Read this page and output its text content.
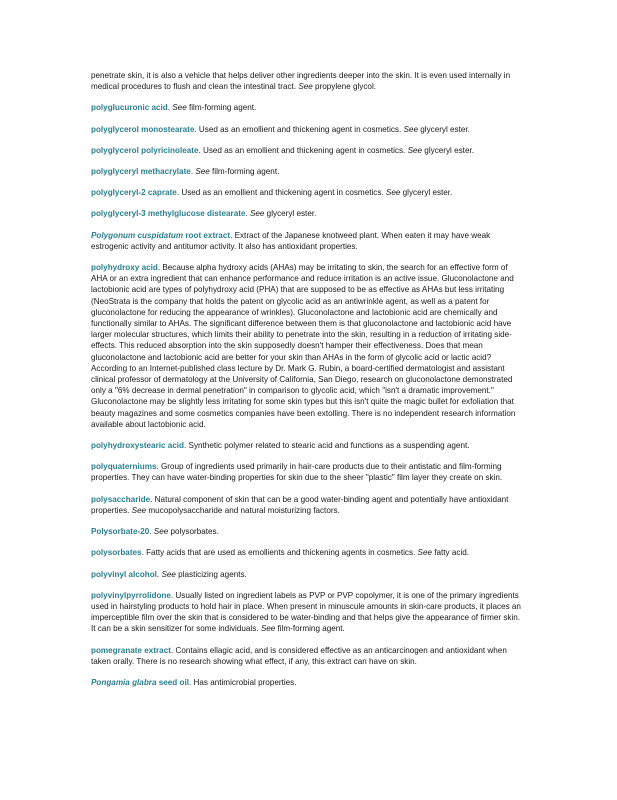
penetrate skin, it is also a vehicle that helps deliver other ingredients deeper into the skin. It is even used internally in medical procedures to flush and clean the intestinal tract. See propylene glycol.

polyglucuronic acid. See film-forming agent.

polyglycerol monostearate. Used as an emollient and thickening agent in cosmetics. See glyceryl ester.

polyglycerol polyricinoleate. Used as an emollient and thickening agent in cosmetics. See glyceryl ester.

polyglyceryl methacrylate. See film-forming agent.

polyglyceryl-2 caprate. Used as an emollient and thickening agent in cosmetics. See glyceryl ester.

polyglyceryl-3 methylglucose distearate. See glyceryl ester.

Polygonum cuspidatum root extract. Extract of the Japanese knotweed plant. When eaten it may have weak estrogenic activity and antitumor activity. It also has antioxidant properties.

polyhydroxy acid. Because alpha hydroxy acids (AHAs) may be irritating to skin, the search for an effective form of AHA or an extra ingredient that can enhance performance and reduce irritation is an active issue. Gluconolactone and lactobionic acid are types of polyhydroxy acid (PHA) that are supposed to be as effective as AHAs but less irritating (NeoStrata is the company that holds the patent on glycolic acid as an antiwrinkle agent, as well as a patent for gluconolactone for reducing the appearance of wrinkles). Gluconolactone and lactobionic acid are chemically and functionally similar to AHAs. The significant difference between them is that gluconolactone and lactobionic acid have larger molecular structures, which limits their ability to penetrate into the skin, resulting in a reduction of irritating side-effects. This reduced absorption into the skin supposedly doesn't hamper their effectiveness. Does that mean gluconolactone and lactobionic acid are better for your skin than AHAs in the form of glycolic acid or lactic acid? According to an Internet-published class lecture by Dr. Mark G. Rubin, a board-certified dermatologist and assistant clinical professor of dermatology at the University of California, San Diego, research on gluconolactone demonstrated only a "6% decrease in dermal penetration" in comparison to glycolic acid, which "isn't a dramatic improvement." Gluconolactone may be slightly less irritating for some skin types but this isn't quite the magic bullet for exfoliation that beauty magazines and some cosmetics companies have been extolling. There is no independent research information available about lactobionic acid.

polyhydroxystearic acid. Synthetic polymer related to stearic acid and functions as a suspending agent.

polyquaterniums. Group of ingredients used primarily in hair-care products due to their antistatic and film-forming properties. They can have water-binding properties for skin due to the sheer "plastic" film layer they create on skin.

polysaccharide. Natural component of skin that can be a good water-binding agent and potentially have antioxidant properties. See mucopolysaccharide and natural moisturizing factors.

Polysorbate-20. See polysorbates.

polysorbates. Fatty acids that are used as emollients and thickening agents in cosmetics. See fatty acid.

polyvinyl alcohol. See plasticizing agents.

polyvinylpyrrolidone. Usually listed on ingredient labels as PVP or PVP copolymer, it is one of the primary ingredients used in hairstyling products to hold hair in place. When present in minuscule amounts in skin-care products, it places an imperceptible film over the skin that is considered to be water-binding and that helps give the appearance of firmer skin. It can be a skin sensitizer for some individuals. See film-forming agent.

pomegranate extract. Contains ellagic acid, and is considered effective as an anticarcinogen and antioxidant when taken orally. There is no research showing what effect, if any, this extract can have on skin.

Pongamia glabra seed oil. Has antimicrobial properties.
